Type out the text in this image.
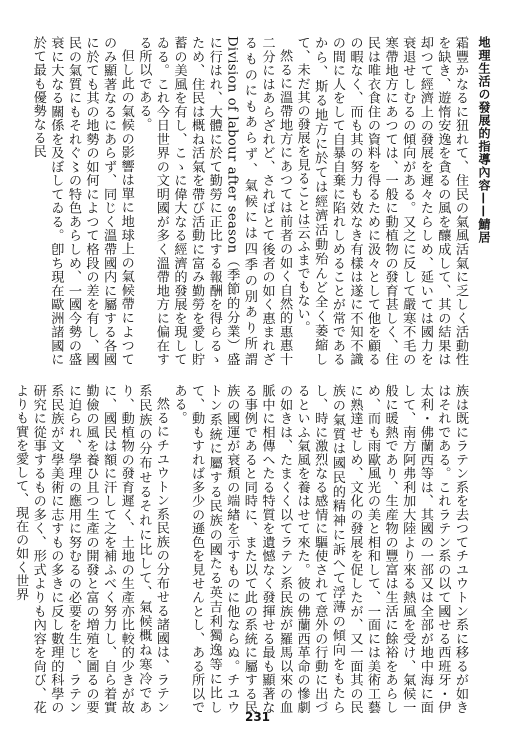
地理生活の發展的指導內容——鯖居

霜豐かなるに狃れて、住民の氣風活氣に乏しく活動性を缺き、遊惰安逸を貪るの風を釀成して、其の結果は却つて經濟上の發展を遲々たらしめ、延いては國力を衰退せしむるの傾向がある。又之に反して嚴寒不毛の寒帶地方にあつては、一般に動植物の發育甚しく、住民は唯衣食住の資料を得るために汲々として他を顧るの暇なく、而も其の努力も效なき有樣は遂に不知不識の間に人をして自暴自棄に陷れしめることが常であるから、斯る地方に於ては經濟活動殆んど全く萎縮して、未だ其の發展を見ることは云ふまでもない。

然るに溫帶地方にあつては前者の如く自然的惠惠十二分にはあらざれど、さればとて後者の如く惠まれざるものにもあらず、氣候には四季の別あり所謂 Division of labour after season（季節的分業）盛に行はれ、大體に於て勤勞に正比する報酬を得らるゝため、住民は概ね活氣を帶び活動に富み勤勞を愛し貯蓄の美風を有し、こゝに偉大なる經濟的發展を現してゐる。これ今日世界の文明國が多く溫帶地方に偏在する所以である。

但し此の氣候の影響は單に地球上の氣候帶によつてのみ顯著なるにあらず、同じく溫帶國内に屬する各國に於ても其の地勢の如何によつて格段の差を有し、國民の氣質にもそれぐ〻の特色あらしめ、一國今勢の盛衰に大なる關係を及ぼしてゐる。卽ち現在歐洲諸國に於て最も優勢なる民

族は既にラテン系を去つてチユウトン系に移るが如きはそれである。これラテン系の以て國せる西班牙・伊太利・佛蘭西等は、其國の一部又は全部が地中海に面して、南方阿弗利加大陸より來る熱風を受け、氣候一般に暖熱であり、生産物の豐富は生活に餘裕をあらしめ、而も雨歐風光の美と相和して、一面には美術工藝に熟達せしめ、文化の發展を促したが、又一面其の民族の氣質は國民的精神に訴へて浮薄の傾向をもたらし、時に激烈なる感情に驅使されて意外の行動に出づるといふ氣風を養はせて來た。彼の佛蘭西革命の慘劇の如きは、たまくく以てラテン系民族が羅馬以來の血脈中に相傳へたる特質を遺憾なく發揮せる最も顯著なる事例であると同時に、また以て此の系統に屬する民族の國運が衰頹の端緖を示すものに他ならぬ。チユウトン系統に屬する民族の國たる英吉利獨逸等に比して、動もすれば多少の遜色を見せんとし、ある所以である。

然るにチユウトン系民族の分布せる諸國は、ラテン系民族の分布せるそれに比して、氣候概ね寒冷であり、動植物の發育遲く、土地の生產亦比較的少きが故に、國民は額に汗して之を補ふべく努力し、自ら着實勤儉の風を養ひ且つ生產の開發と富の増殖を圖るの要に迫られ、學理の應用に努むるの必要を生じ、ラテン系民族が文學美術に志すもの多きに反し數理的科學の研究に從事するもの多く、形式よりも內容を尙び、花よりも實を愛して、現在の如く世界

231
